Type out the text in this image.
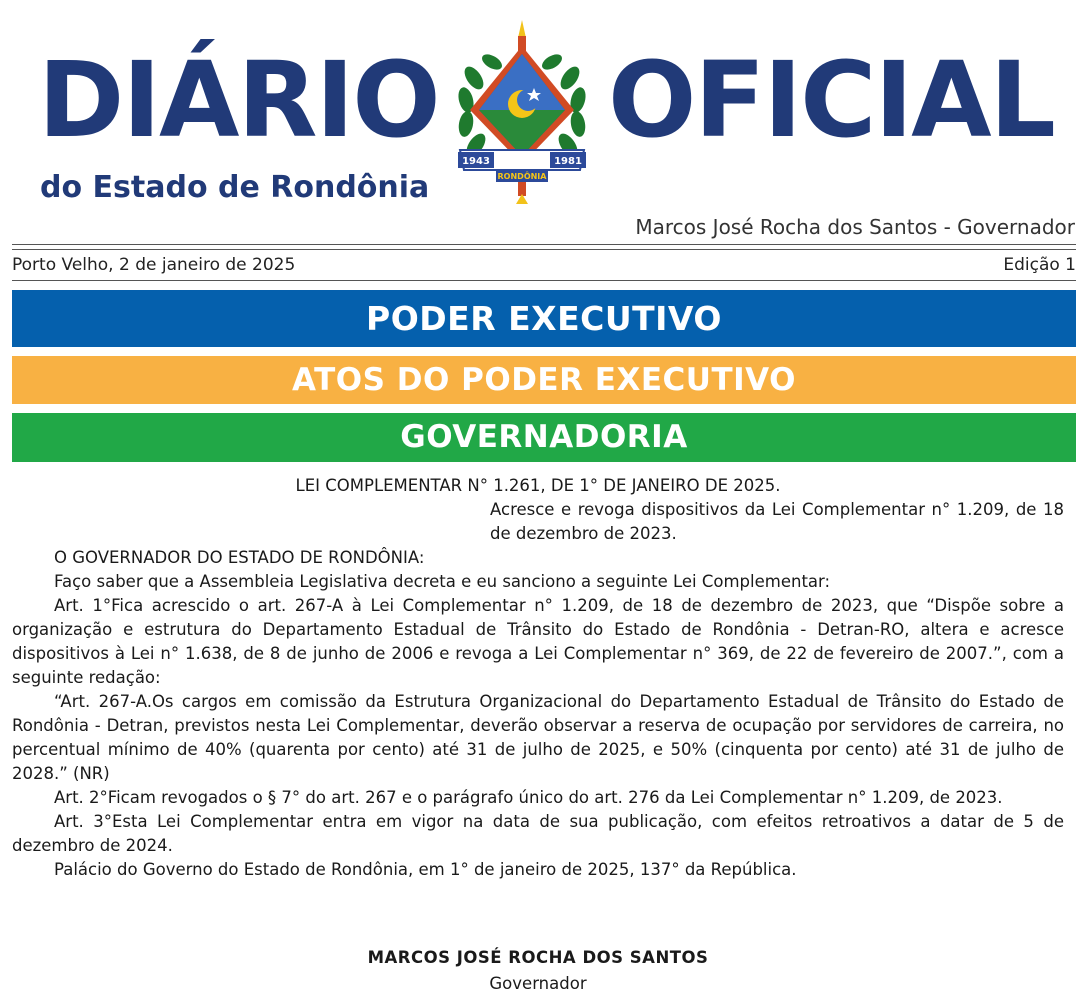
DIÁRIO
1943	1981
RONDÔNIA
OFICIAL
do Estado de Rondônia
Marcos José Rocha dos Santos - Governador
Porto Velho, 2 de janeiro de 2025	Edição 1
PODER EXECUTIVO
ATOS DO PODER EXECUTIVO
GOVERNADORIA

LEI COMPLEMENTAR N° 1.261, DE 1° DE JANEIRO DE 2025.

Acresce e revoga dispositivos da Lei Complementar n° 1.209, de 18 de dezembro de 2023.

O GOVERNADOR DO ESTADO DE RONDÔNIA:

Faço saber que a Assembleia Legislativa decreta e eu sanciono a seguinte Lei Complementar:

Art. 1°Fica acrescido o art. 267-A à Lei Complementar n° 1.209, de 18 de dezembro de 2023, que “Dispõe sobre a organização e estrutura do Departamento Estadual de Trânsito do Estado de Rondônia - Detran-RO, altera e acresce dispositivos à Lei n° 1.638, de 8 de junho de 2006 e revoga a Lei Complementar n° 369, de 22 de fevereiro de 2007.”, com a seguinte redação:

“Art. 267-A.Os cargos em comissão da Estrutura Organizacional do Departamento Estadual de Trânsito do Estado de Rondônia - Detran, previstos nesta Lei Complementar, deverão observar a reserva de ocupação por servidores de carreira, no percentual mínimo de 40% (quarenta por cento) até 31 de julho de 2025, e 50% (cinquenta por cento) até 31 de julho de 2028.” (NR)

Art. 2°Ficam revogados o § 7° do art. 267 e o parágrafo único do art. 276 da Lei Complementar n° 1.209, de 2023.

Art. 3°Esta Lei Complementar entra em vigor na data de sua publicação, com efeitos retroativos a datar de 5 de dezembro de 2024.

Palácio do Governo do Estado de Rondônia, em 1° de janeiro de 2025, 137° da República.

MARCOS JOSÉ ROCHA DOS SANTOS
Governador
